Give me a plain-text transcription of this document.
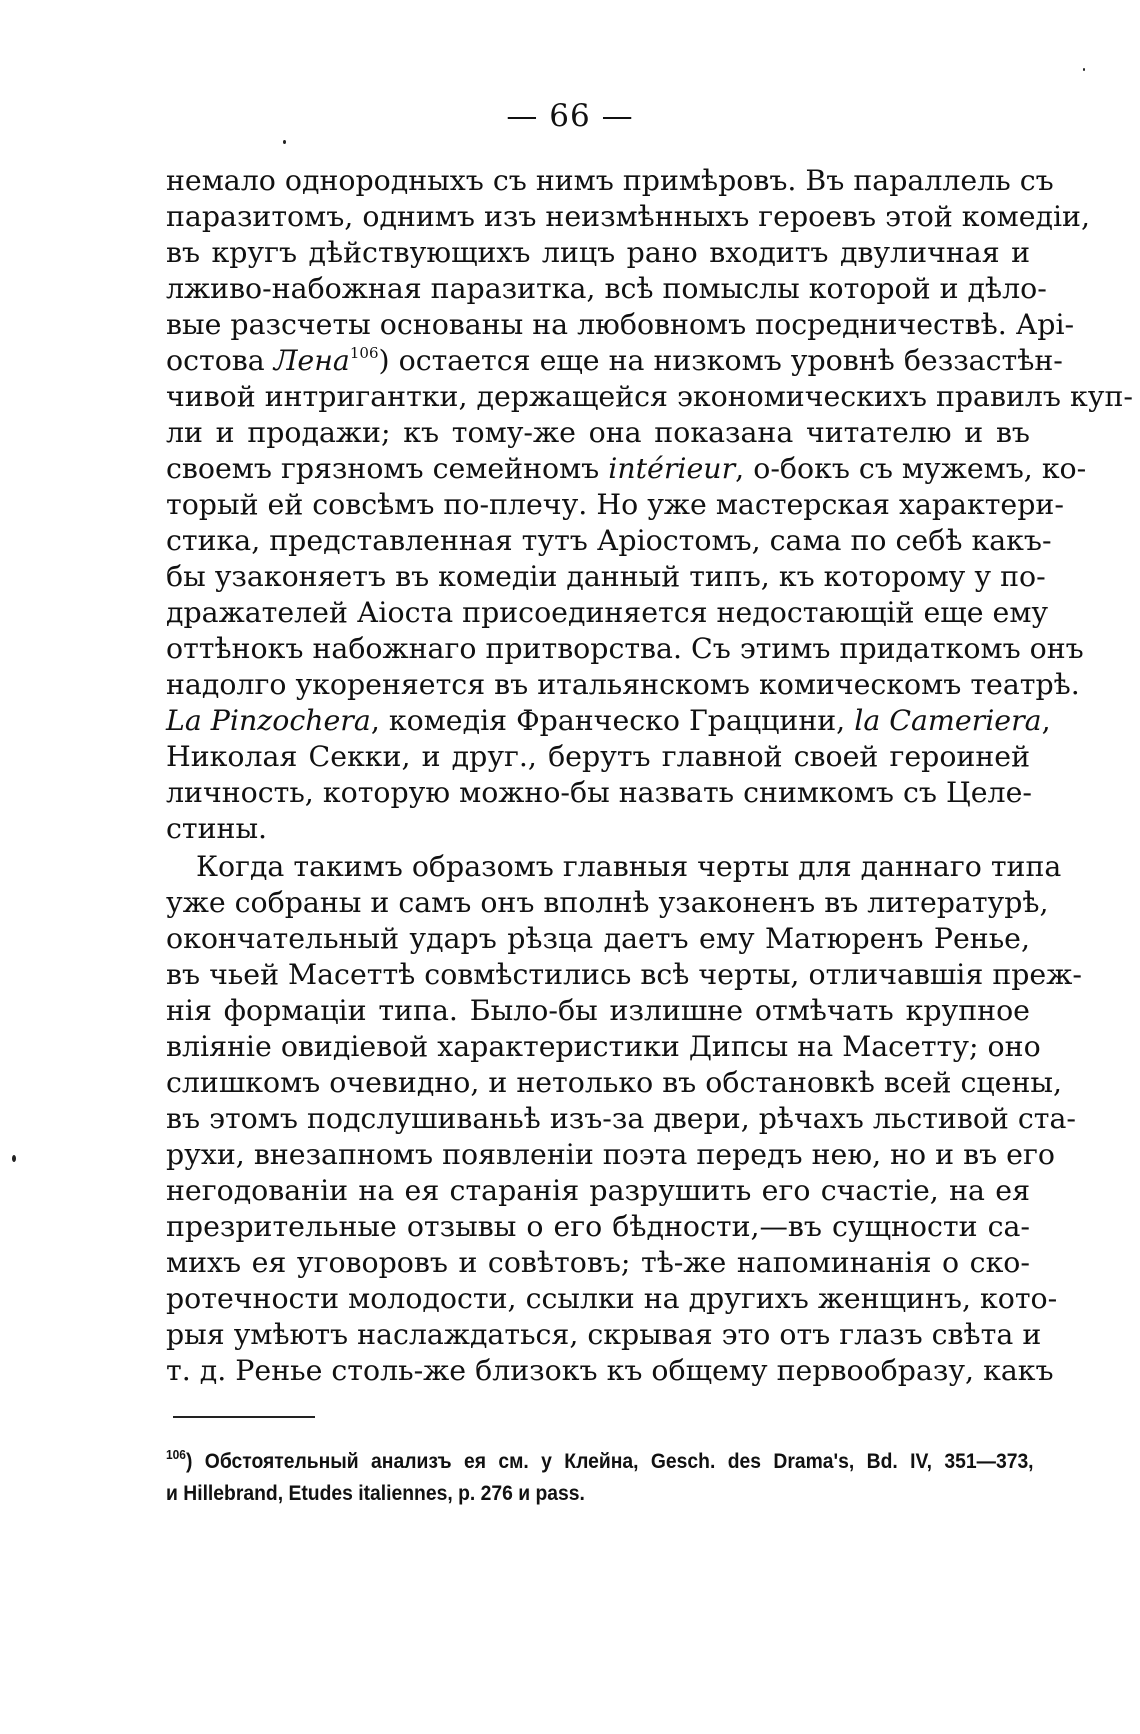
— 66 —
немало однородныхъ съ нимъ примѣровъ. Въ параллель съ
паразитомъ, однимъ изъ неизмѣнныхъ героевъ этой комедіи,
въ кругъ дѣйствующихъ лицъ рано входитъ двуличная и
лживо-набожная паразитка, всѣ помыслы которой и дѣло-
вые разсчеты основаны на любовномъ посредничествѣ. Арі-
остова Лена$^{106}$) остается еще на низкомъ уровнѣ беззастѣн-
чивой интригантки, держащейся экономическихъ правилъ куп-
ли и продажи; къ тому-же она показана читателю и въ
своемъ грязномъ семейномъ intérieur, о-бокъ съ мужемъ, ко-
торый ей совсѣмъ по-плечу. Но уже мастерская характери-
стика, представленная тутъ Аріостомъ, сама по себѣ какъ-
бы узаконяетъ въ комедіи данный типъ, къ которому у по-
дражателей Аіоста присоединяется недостающій еще ему
оттѣнокъ набожнаго притворства. Съ этимъ придаткомъ онъ
надолго укореняется въ итальянскомъ комическомъ театрѣ.
La Pinzochera, комедія Франческо Граццини, la Cameriera,
Николая Секки, и друг., берутъ главной своей героиней
личность, которую можно-бы назвать снимкомъ съ Целе-
стины.
Когда такимъ образомъ главныя черты для даннаго типа
уже собраны и самъ онъ вполнѣ узаконенъ въ литературѣ,
окончательный ударъ рѣзца даетъ ему Матюренъ Ренье,
въ чьей Масеттѣ совмѣстились всѣ черты, отличавшія преж-
нія формаціи типа. Было-бы излишне отмѣчать крупное
вліяніе овидіевой характеристики Дипсы на Масетту; оно
слишкомъ очевидно, и нетолько въ обстановкѣ всей сцены,
въ этомъ подслушиваньѣ изъ-за двери, рѣчахъ льстивой ста-
рухи, внезапномъ появленіи поэта передъ нею, но и въ его
негодованіи на ея старанія разрушить его счастіе, на ея
презрительные отзывы о его бѣдности,—въ сущности са-
михъ ея уговоровъ и совѣтовъ; тѣ-же напоминанія о ско-
ротечности молодости, ссылки на другихъ женщинъ, кото-
рыя умѣютъ наслаждаться, скрывая это отъ глазъ свѣта и
т. д. Ренье столь-же близокъ къ общему первообразу, какъ
$^{106}$) Обстоятельный анализъ ея см. у Клейна, Gesch. des Drama's, Bd. IV, 351—373,
и Hillebrand, Etudes italiennes, p. 276 и pass.
